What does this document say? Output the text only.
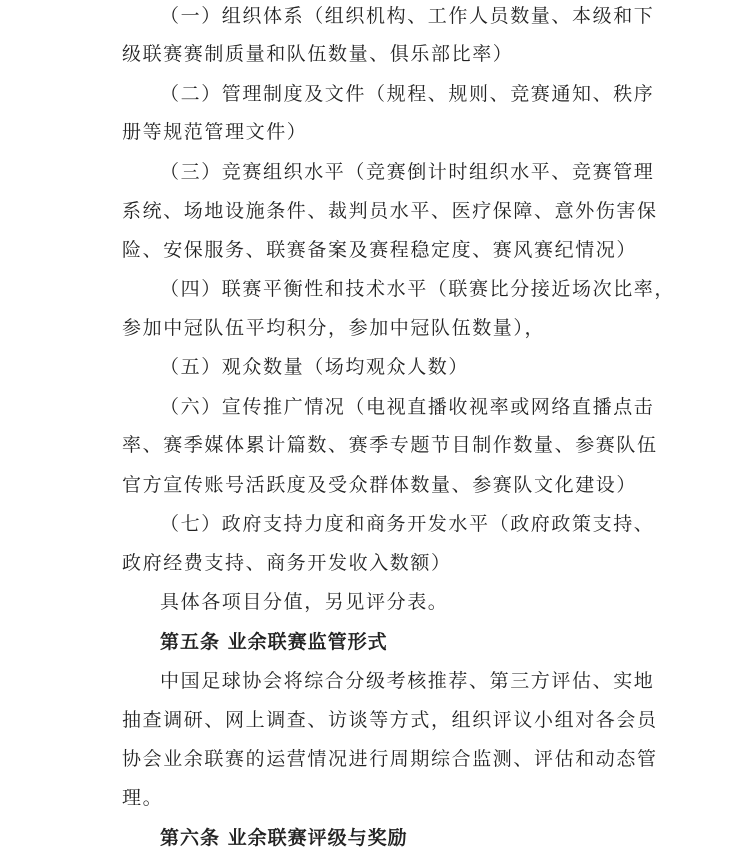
（一）组织体系（组织机构、工作人员数量、本级和下
级联赛赛制质量和队伍数量、俱乐部比率）
（二）管理制度及文件（规程、规则、竞赛通知、秩序
册等规范管理文件）
（三）竞赛组织水平（竞赛倒计时组织水平、竞赛管理
系统、场地设施条件、裁判员水平、医疗保障、意外伤害保
险、安保服务、联赛备案及赛程稳定度、赛风赛纪情况）
（四）联赛平衡性和技术水平（联赛比分接近场次比率，
参加中冠队伍平均积分，参加中冠队伍数量），
（五）观众数量（场均观众人数）
（六）宣传推广情况（电视直播收视率或网络直播点击
率、赛季媒体累计篇数、赛季专题节目制作数量、参赛队伍
官方宣传账号活跃度及受众群体数量、参赛队文化建设）
（七）政府支持力度和商务开发水平（政府政策支持、
政府经费支持、商务开发收入数额）
具体各项目分值，另见评分表。
第五条 业余联赛监管形式
中国足球协会将综合分级考核推荐、第三方评估、实地
抽查调研、网上调查、访谈等方式，组织评议小组对各会员
协会业余联赛的运营情况进行周期综合监测、评估和动态管
理。
第六条 业余联赛评级与奖励
